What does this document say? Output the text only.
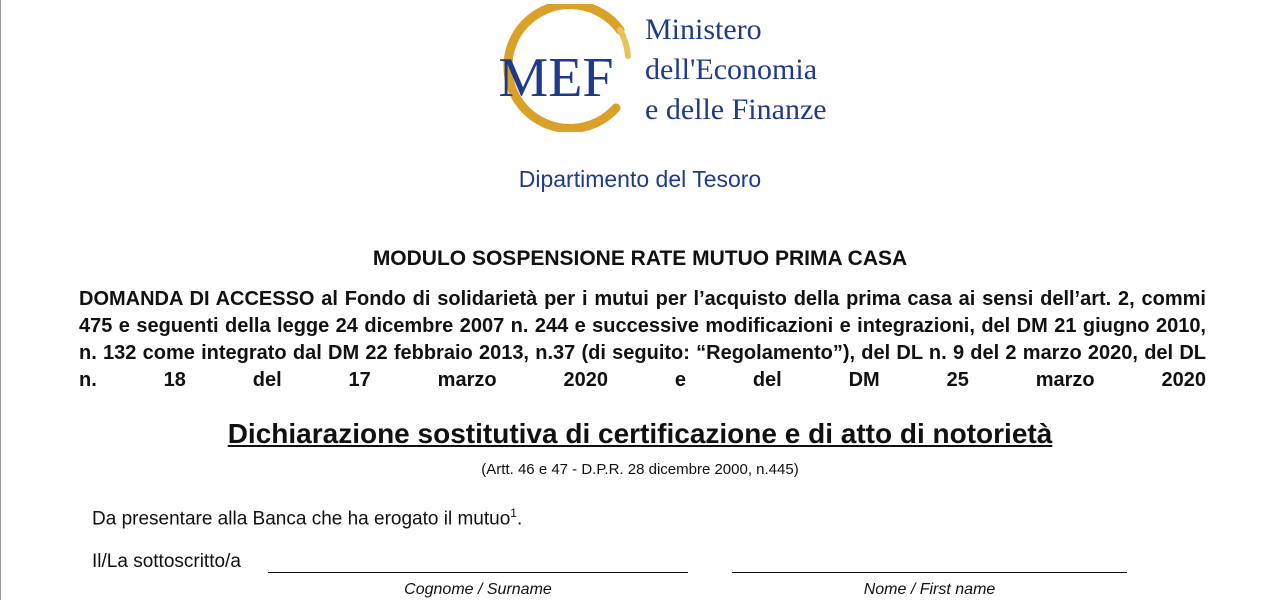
MEF
Ministero
dell'Economia
e delle Finanze
Dipartimento del Tesoro
MODULO SOSPENSIONE RATE MUTUO PRIMA CASA
DOMANDA DI ACCESSO al Fondo di solidarietà per i mutui per l’acquisto della prima casa ai sensi dell’art. 2, commi 475 e seguenti della legge 24 dicembre 2007 n. 244 e successive modificazioni e integrazioni, del DM 21 giugno 2010, n. 132 come integrato dal DM 22 febbraio 2013, n.37 (di seguito: “Regolamento”), del DL n. 9 del 2 marzo 2020, del DL n. 18 del 17 marzo 2020 e del DM 25 marzo 2020
Dichiarazione sostitutiva di certificazione e di atto di notorietà
(Artt. 46 e 47 - D.P.R. 28 dicembre 2000, n.445)
Da presentare alla Banca che ha erogato il mutuo$^1$.
Il/La sottoscritto/a
Cognome / Surname	Nome / First name
